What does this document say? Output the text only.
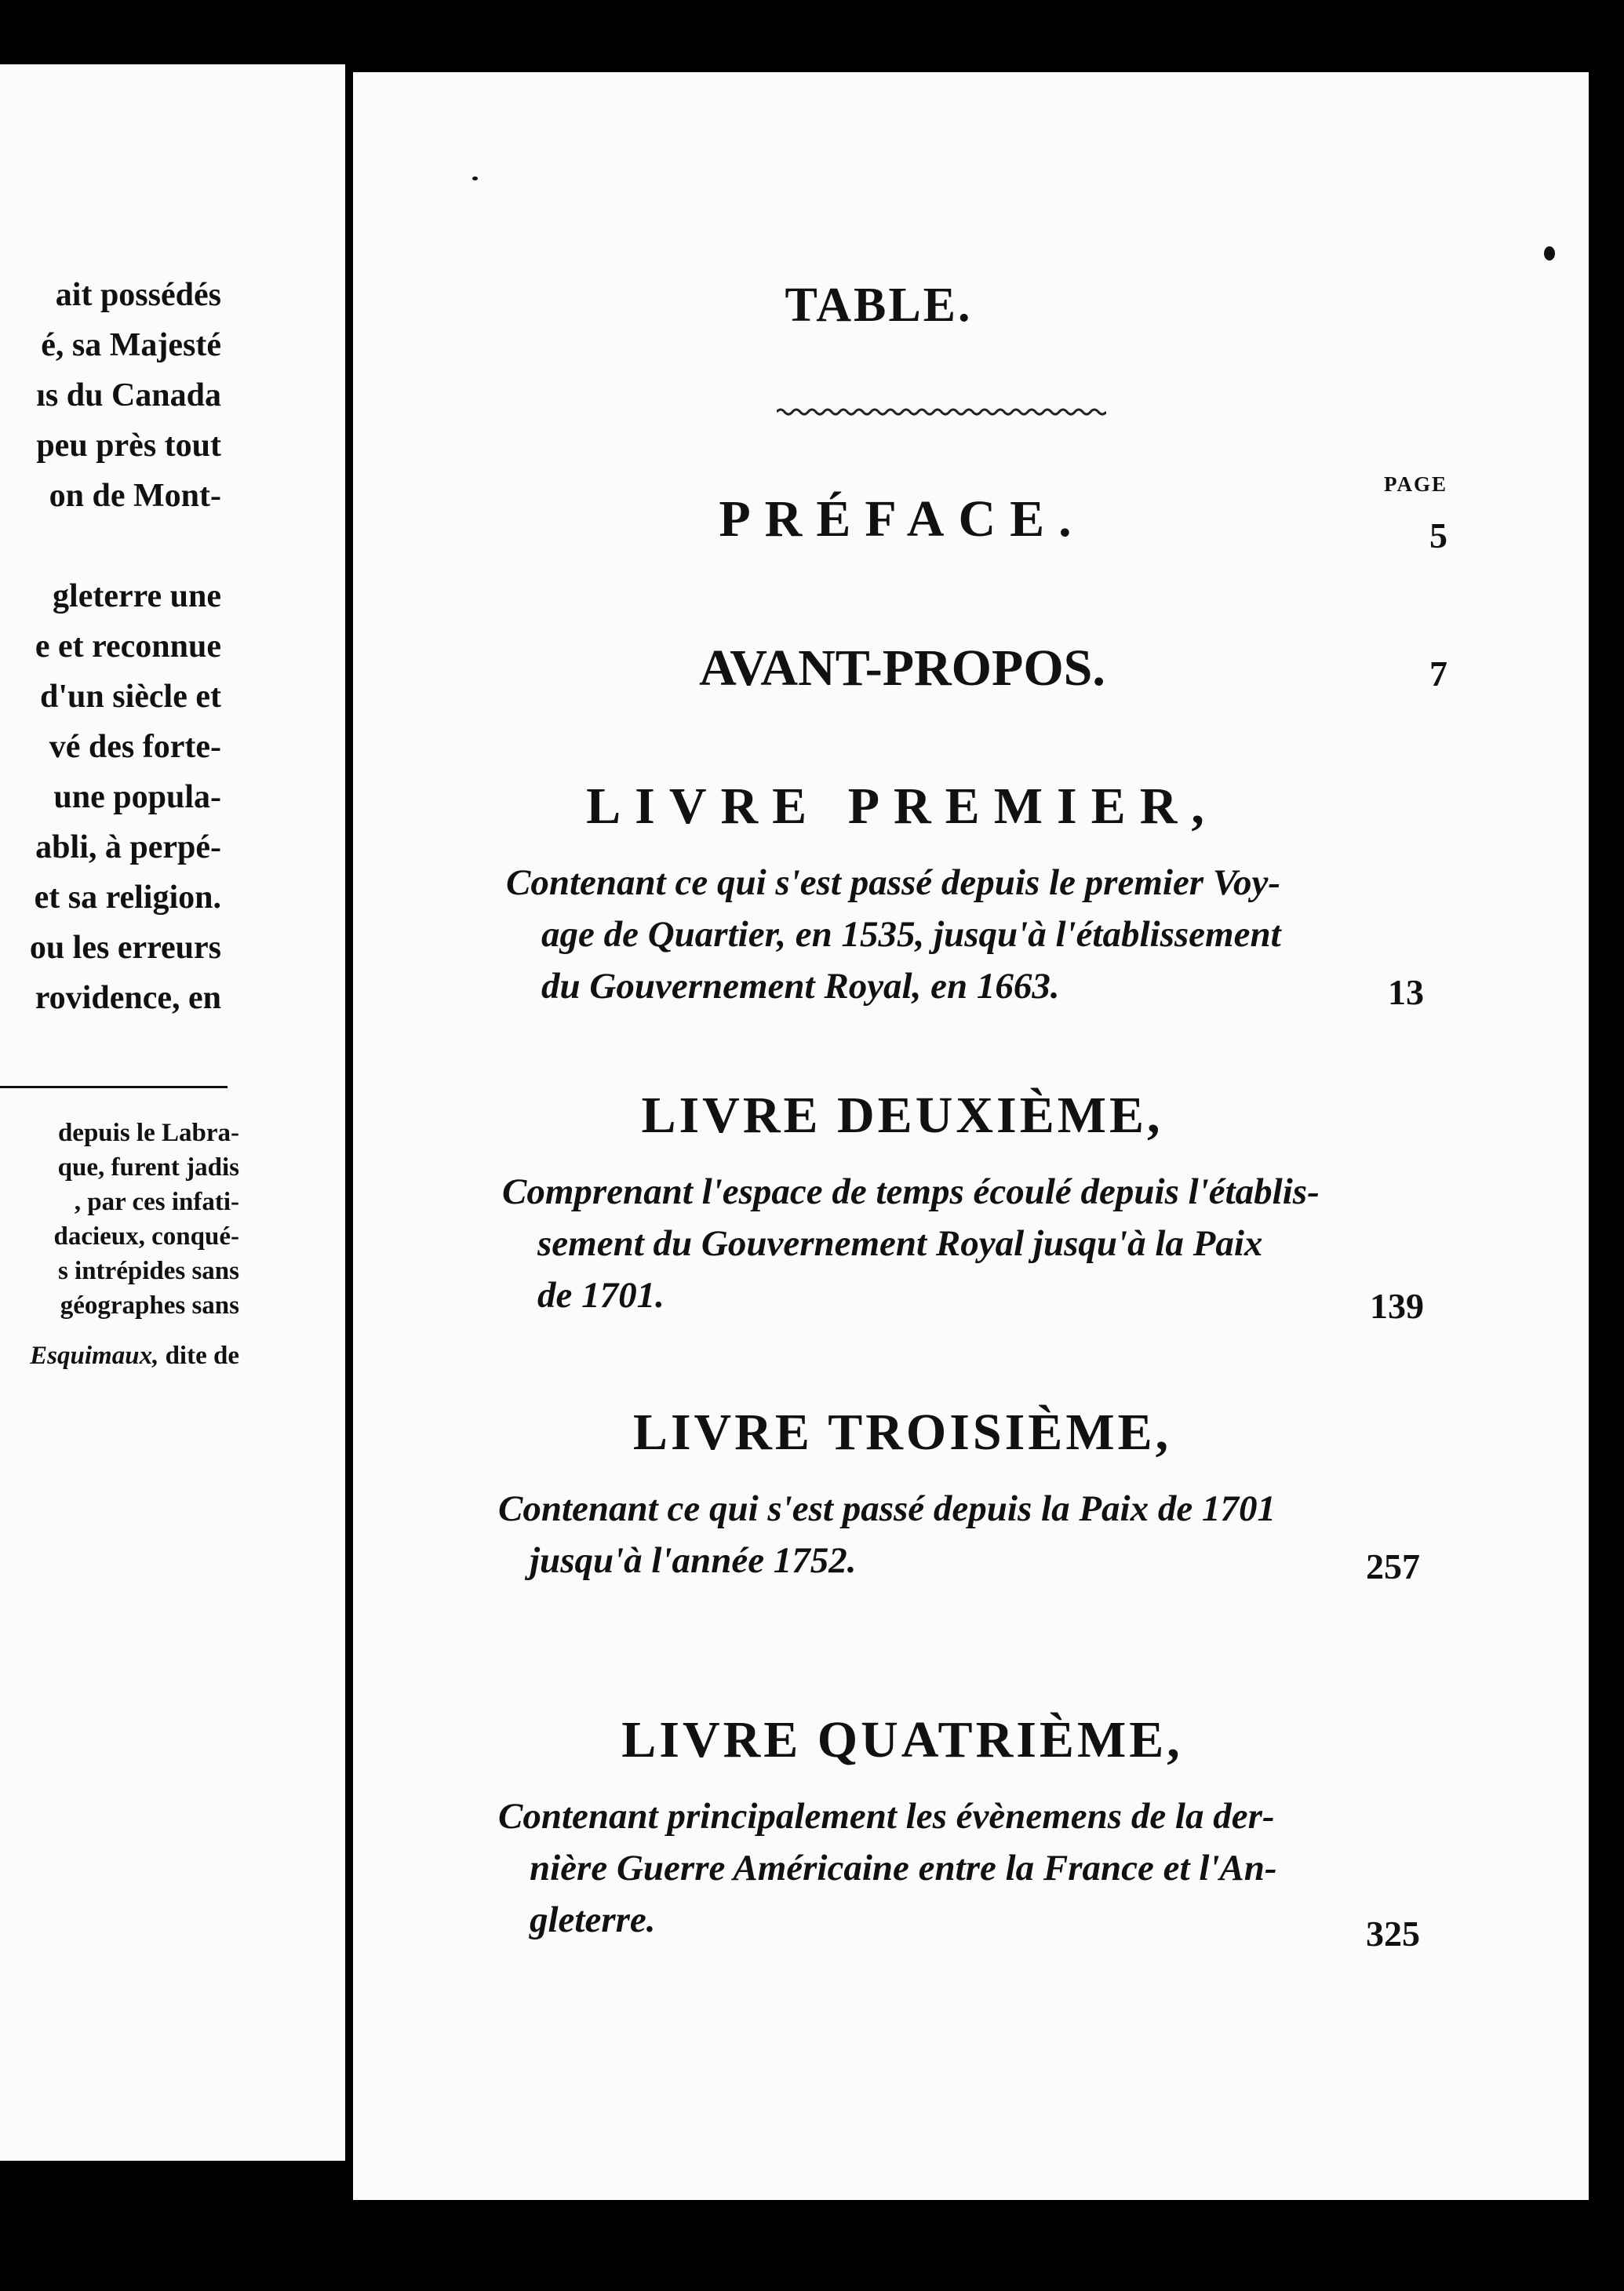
ait possédés
é, sa Majesté
ıs du Canada
peu près tout
on de Mont-

gleterre une
e et reconnue
d'un siècle et
vé des forte-
une popula-
abli, à perpé-
et sa religion.
ou les erreurs
rovidence, en
depuis le Labra-
que, furent jadis
, par ces infati-
dacieux, conqué-
s intrépides sans
géographes sans
Esquimaux, dite de
TABLE.
PAGE
PRÉFACE.	5
AVANT-PROPOS.	7
LIVRE PREMIER,
Contenant ce qui s'est passé depuis le premier Voy-
age de Quartier, en 1535, jusqu'à l'établissement
du Gouvernement Royal, en 1663.	13
LIVRE DEUXIÈME,
Comprenant l'espace de temps écoulé depuis l'établis-
sement du Gouvernement Royal jusqu'à la Paix
de 1701.	139
LIVRE TROISIÈME,
Contenant ce qui s'est passé depuis la Paix de 1701
jusqu'à l'année 1752.	257
LIVRE QUATRIÈME,
Contenant principalement les évènemens de la der-
nière Guerre Américaine entre la France et l'An-
gleterre.	325
